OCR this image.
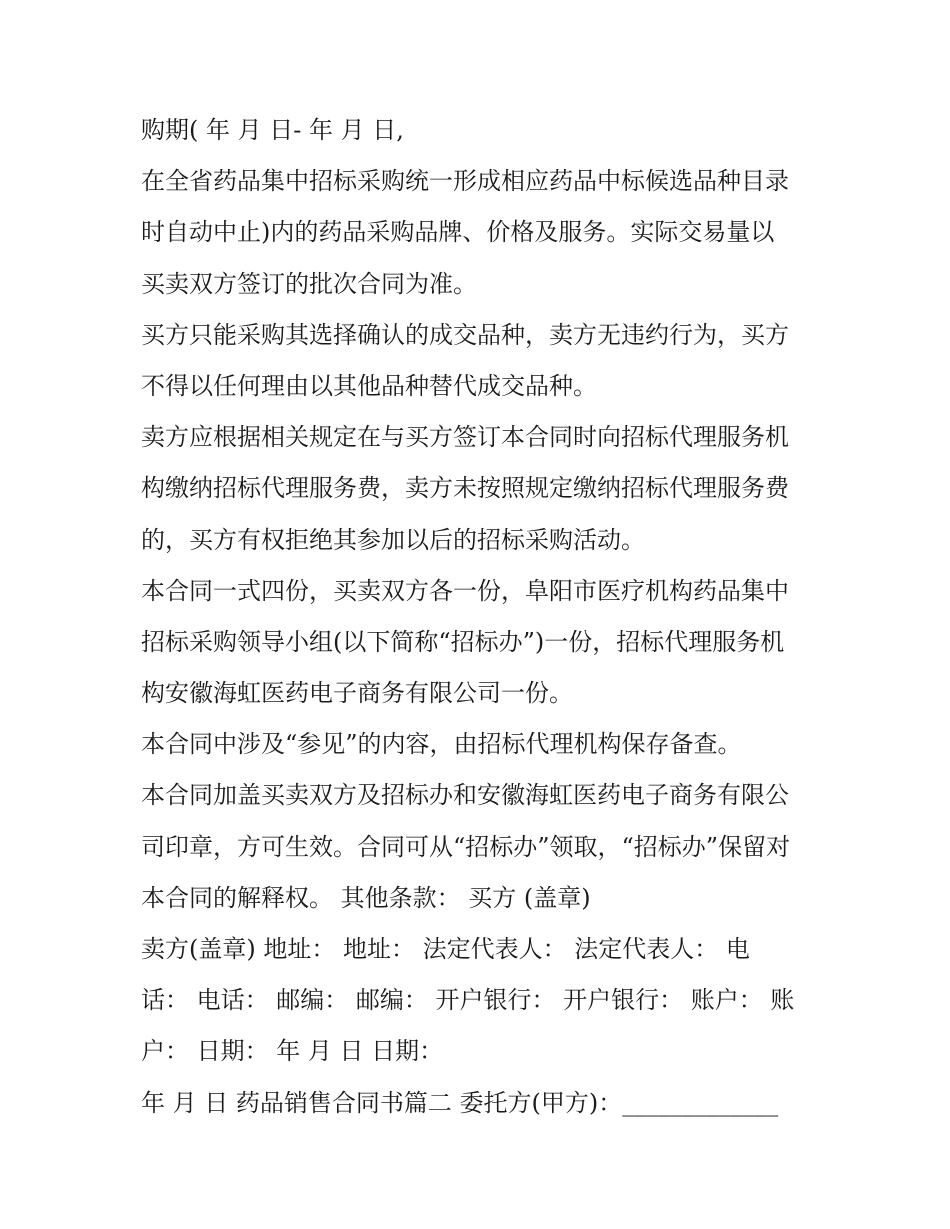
购期( 年 月 日- 年 月 日,
在全省药品集中招标采购统一形成相应药品中标候选品种目录
时自动中止)内的药品采购品牌、价格及服务。实际交易量以
买卖双方签订的批次合同为准。
买方只能采购其选择确认的成交品种，卖方无违约行为，买方
不得以任何理由以其他品种替代成交品种。
卖方应根据相关规定在与买方签订本合同时向招标代理服务机
构缴纳招标代理服务费，卖方未按照规定缴纳招标代理服务费
的，买方有权拒绝其参加以后的招标采购活动。
本合同一式四份，买卖双方各一份，阜阳市医疗机构药品集中
招标采购领导小组(以下简称“招标办”)一份，招标代理服务机
构安徽海虹医药电子商务有限公司一份。
本合同中涉及“参见”的内容，由招标代理机构保存备查。
本合同加盖买卖双方及招标办和安徽海虹医药电子商务有限公
司印章，方可生效。合同可从“招标办”领取，“招标办”保留对
本合同的解释权。 其他条款： 买方 (盖章)
卖方(盖章) 地址： 地址： 法定代表人： 法定代表人： 电
话： 电话： 邮编： 邮编： 开户银行： 开户银行： 账户： 账
户： 日期： 年 月 日 日期：
年 月 日 药品销售合同书篇二 委托方(甲方)：_____________
